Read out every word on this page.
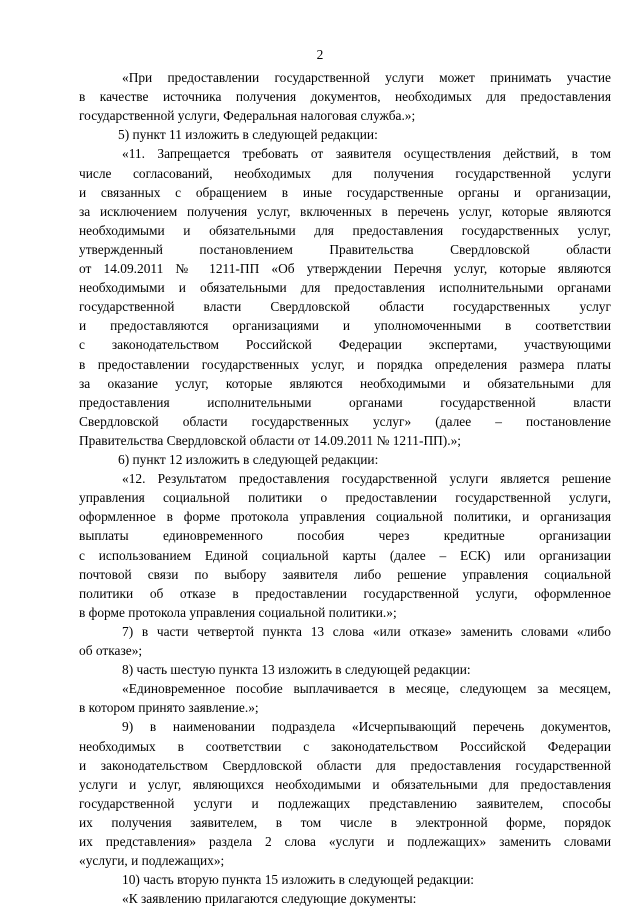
2
«При предоставлении государственной услуги может принимать участие
в качестве источника получения документов, необходимых для предоставления
государственной услуги, Федеральная налоговая служба.»;
5) пункт 11 изложить в следующей редакции:
«11. Запрещается требовать от заявителя осуществления действий, в том
числе согласований, необходимых для получения государственной услуги
и связанных с обращением в иные государственные органы и организации,
за исключением получения услуг, включенных в перечень услуг, которые являются
необходимыми и обязательными для предоставления государственных услуг,
утвержденный постановлением Правительства Свердловской области
от 14.09.2011 № 1211-ПП «Об утверждении Перечня услуг, которые являются
необходимыми и обязательными для предоставления исполнительными органами
государственной власти Свердловской области государственных услуг
и предоставляются организациями и уполномоченными в соответствии
с законодательством Российской Федерации экспертами, участвующими
в предоставлении государственных услуг, и порядка определения размера платы
за оказание услуг, которые являются необходимыми и обязательными для
предоставления исполнительными органами государственной власти
Свердловской области государственных услуг» (далее – постановление
Правительства Свердловской области от 14.09.2011 № 1211-ПП).»;
6) пункт 12 изложить в следующей редакции:
«12. Результатом предоставления государственной услуги является решение
управления социальной политики о предоставлении государственной услуги,
оформленное в форме протокола управления социальной политики, и организация
выплаты единовременного пособия через кредитные организации
с использованием Единой социальной карты (далее – ЕСК) или организации
почтовой связи по выбору заявителя либо решение управления социальной
политики об отказе в предоставлении государственной услуги, оформленное
в форме протокола управления социальной политики.»;
7) в части четвертой пункта 13 слова «или отказе» заменить словами «либо
об отказе»;
8) часть шестую пункта 13 изложить в следующей редакции:
«Единовременное пособие выплачивается в месяце, следующем за месяцем,
в котором принято заявление.»;
9) в наименовании подраздела «Исчерпывающий перечень документов,
необходимых в соответствии с законодательством Российской Федерации
и законодательством Свердловской области для предоставления государственной
услуги и услуг, являющихся необходимыми и обязательными для предоставления
государственной услуги и подлежащих представлению заявителем, способы
их получения заявителем, в том числе в электронной форме, порядок
их представления» раздела 2 слова «услуги и подлежащих» заменить словами
«услуги, и подлежащих»;
10) часть вторую пункта 15 изложить в следующей редакции:
«К заявлению прилагаются следующие документы:
